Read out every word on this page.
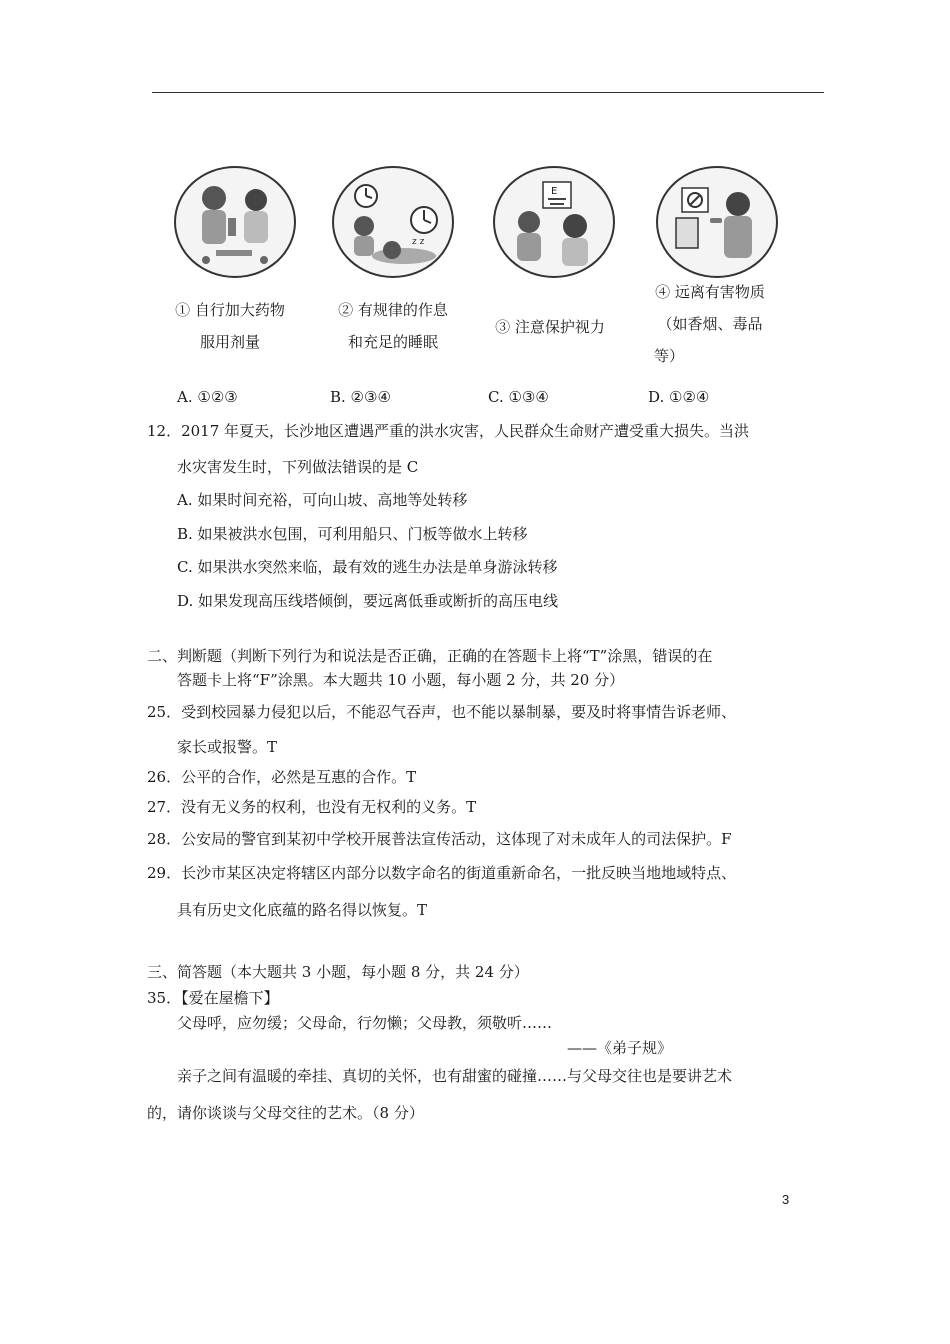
z z
E
① 自行加大药物
服用剂量
② 有规律的作息
和充足的睡眠
③ 注意保护视力
④ 远离有害物质
（如香烟、毒品
等）
A. ①②③	B. ②③④	C. ①③④	D. ①②④
12．2017 年夏天，长沙地区遭遇严重的洪水灾害，人民群众生命财产遭受重大损失。当洪
水灾害发生时，下列做法错误的是 C
A. 如果时间充裕，可向山坡、高地等处转移
B. 如果被洪水包围，可利用船只、门板等做水上转移
C. 如果洪水突然来临，最有效的逃生办法是单身游泳转移
D. 如果发现高压线塔倾倒，要远离低垂或断折的高压电线
二、判断题（判断下列行为和说法是否正确，正确的在答题卡上将“T”涂黑，错误的在
答题卡上将“F”涂黑。本大题共 10 小题，每小题 2 分，共 20 分）
25．受到校园暴力侵犯以后，不能忍气吞声，也不能以暴制暴，要及时将事情告诉老师、
家长或报警。T
26．公平的合作，必然是互惠的合作。T
27．没有无义务的权利，也没有无权利的义务。T
28．公安局的警官到某初中学校开展普法宣传活动，这体现了对未成年人的司法保护。F
29．长沙市某区决定将辖区内部分以数字命名的街道重新命名，一批反映当地地域特点、
具有历史文化底蕴的路名得以恢复。T
三、简答题（本大题共 3 小题，每小题 8 分，共 24 分）
35．【爱在屋檐下】
父母呼，应勿缓；父母命，行勿懒；父母教，须敬听……
——《弟子规》
亲子之间有温暖的牵挂、真切的关怀，也有甜蜜的碰撞……与父母交往也是要讲艺术
的，请你谈谈与父母交往的艺术。（8 分）
3
